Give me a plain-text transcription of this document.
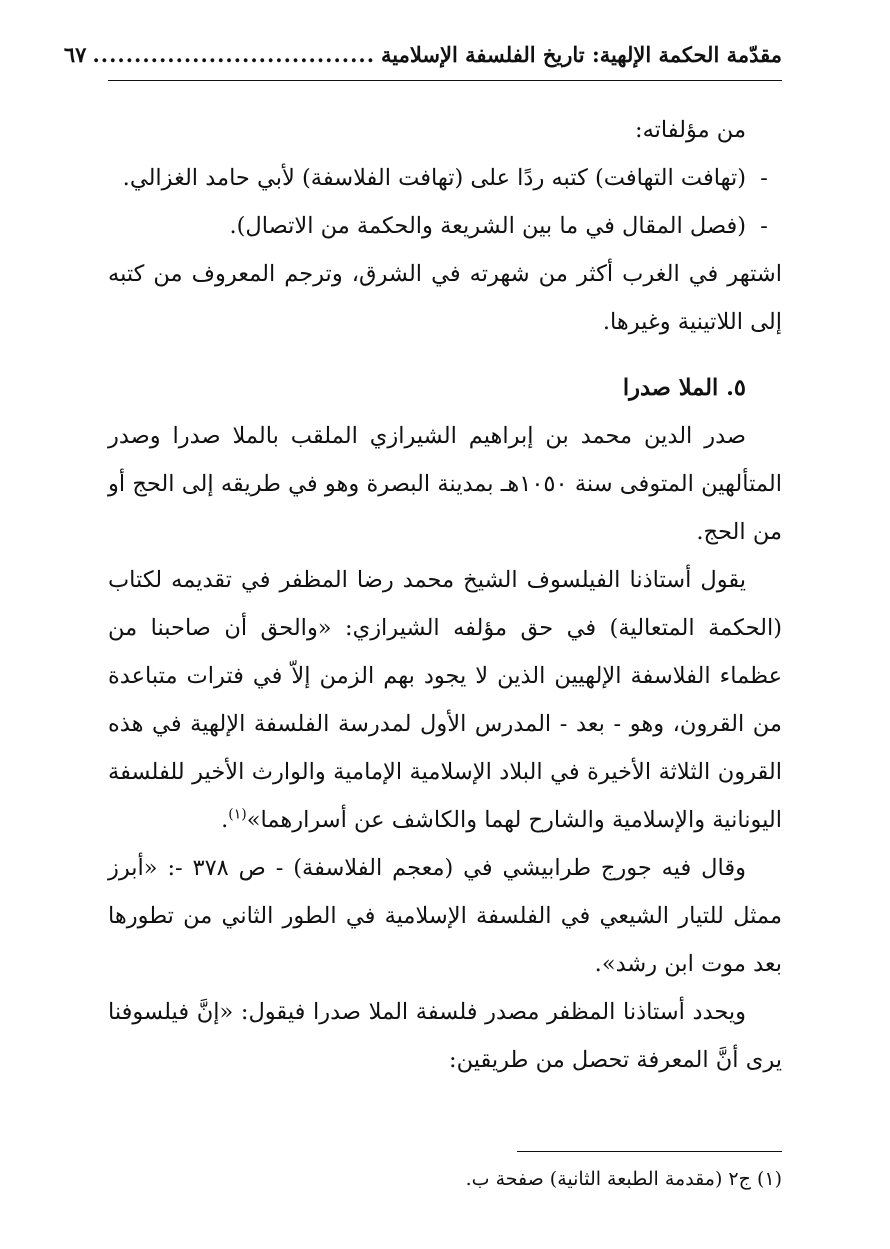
مقدّمة الحكمة الإلهية: تاريخ الفلسفة الإسلامية
..................................
٦٧

من مؤلفاته:

-
(تهافت التهافت) كتبه ردًا على (تهافت الفلاسفة) لأبي حامد الغزالي.
-
(فصل المقال في ما بين الشريعة والحكمة من الاتصال).

اشتهر في الغرب أكثر من شهرته في الشرق، وترجم المعروف من كتبه إلى اللاتينية وغيرها.

٥. الملا صدرا

صدر الدين محمد بن إبراهيم الشيرازي الملقب بالملا صدرا وصدر المتألهين المتوفى سنة ١٠٥٠هـ بمدينة البصرة وهو في طريقه إلى الحج أو من الحج.

يقول أستاذنا الفيلسوف الشيخ محمد رضا المظفر في تقديمه لكتاب (الحكمة المتعالية) في حق مؤلفه الشيرازي: «والحق أن صاحبنا من عظماء الفلاسفة الإلهيين الذين لا يجود بهم الزمن إلاّ في فترات متباعدة من القرون، وهو - بعد - المدرس الأول لمدرسة الفلسفة الإلهية في هذه القرون الثلاثة الأخيرة في البلاد الإسلامية الإمامية والوارث الأخير للفلسفة اليونانية والإسلامية والشارح لهما والكاشف عن أسرارهما»$^{(١)}$.

وقال فيه جورج طرابيشي في (معجم الفلاسفة) - ص ٣٧٨ -: «أبرز ممثل للتيار الشيعي في الفلسفة الإسلامية في الطور الثاني من تطورها بعد موت ابن رشد».

ويحدد أستاذنا المظفر مصدر فلسفة الملا صدرا فيقول: «إنَّ فيلسوفنا يرى أنَّ المعرفة تحصل من طريقين:

(١) ج٢ (مقدمة الطبعة الثانية) صفحة ب.
